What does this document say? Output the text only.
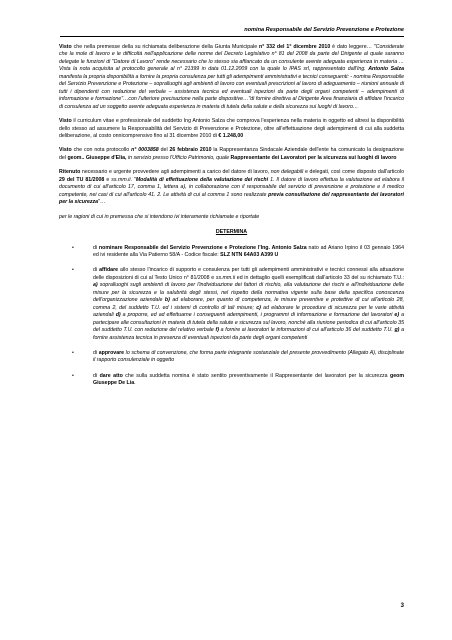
nomina Responsabile del Servizio Prevenzione e Protezione

Visto che nella premesse della su richiamata deliberazione della Giunta Municipale n° 332 del 1° dicembre 2010 è dato leggere… "Considerate che la mole di lavoro e le difficoltà nell'applicazione delle norme del Decreto Legislativo n° 81 del 2008 da parte del Dirigente al quale saranno delegate le funzioni di "Datore di Lavoro" rende necessario che lo stesso sia affiancato da un consulente avente adeguata esperienza in materia … Vista la nota acquisita al protocollo generale al n° 21399 in data 01.12.2009 con la quale lo IPAS srl, rappresentato dall'Ing. Antonio Salza manifesta la propria disponibilità a fornire la propria consulenza per tutti gli adempimenti amministrativi e tecnici conseguenti: - nomina Responsabile del Servizio Prevenzione e Protezione – sopralluoghi agli ambienti di lavoro con eventuali prescrizioni al lavoro di adeguamento – riunioni annuale di tutti i dipendenti con redazione del verbale – assistenza tecnica ed eventuali ispezioni da parte degli organi competenti – adempimenti di informazione e formazione"…con l'ulteriore precisazione nella parte dispositive…"di fornire direttiva al Dirigente Area finanziaria di affidare l'incarico di consulenza ad un soggetto avente adeguata esperienza in materia di tutela della salute e della sicurezza sui luoghi di lavoro…

Visto il curriculum vitae e professionale del suddetto Ing Antonio Salza che comprova l'esperienza nella materia in oggetto ed altresì la disponibilità dello stesso ad assumere la Responsabilità del Servizio di Prevenzione e Protezione, oltre all'effettuazione degli adempimenti di cui alla suddetta deliberazione, al costo onnicomprensivo fino al 31 dicembre 2010 di € 1.248,00

Visto che con nota protocollo n° 0003858 del 26 febbraio 2010 la Rappresentanza Sindacale Aziendale dell'ente ha comunicato la designazione del geom.. Giuseppe d'Elia, in servizio presso l'Ufficio Patrimonio, quale Rappresentante dei Lavoratori per la sicurezza sui luoghi di lavoro

Ritenuto necessario e urgente provvedere agli adempimenti a carico del datore di lavoro, non delegabili e delegati, così come disposto dall'articolo 29 del TU 81/2008 e ss.mm.ii. "Modalità di effettuazione della valutazione dei rischi 1. Il datore di lavoro effettua la valutazione ed elabora il documento di cui all'articolo 17, comma 1, lettera a), in collaborazione con il responsabile del servizio di prevenzione e protezione e il medico competente, nei casi di cui all'articolo 41. 2. Le attività di cui al comma 1 sono realizzate previa consultazione del rappresentante dei lavoratori per la sicurezza"…

per le ragioni di cui in premessa che si intendono ivi interamente richiamate e riportate

DETERMINA
•	di nominare Responsabile del Servizio Prevenzione e Protezione l'Ing. Antonio Salza nato ad Ariano Irpino il 03 gennaio 1964 ed ivi residente alla Via Patierno 58/A - Codice fiscale: SLZ NTN 64A03 A399 U
•	di affidare allo stesso l'incarico di supporto e consulenza per tutti gli adempimenti amministrativi e tecnici connessi alla attuazione delle disposizioni di cui al Testo Unico n° 81/2008 e ss.mm.ii ed in dettaglio quelli esemplificati dall'articolo 33 del su richiamato T.U.: a) sopralluoghi sugli ambienti di lavoro per l'individuazione dei fattori di rischio, alla valutazione dei rischi e all'individuazione delle misure per la sicurezza e la salubrità degli stessi, nel rispetto della normativa vigente sulla base della specifica conoscenza dell'organizzazione aziendale b) ad elaborare, per quanto di competenza, le misure preventive e protettive di cui all'articolo 28, comma 2, del suddetto T.U. ed i sistemi di controllo di tali misure; c) ad elaborare le procedure di sicurezza per le varie attività aziendali d) a proporre, ed ad effettuarne i conseguenti adempimenti, i programmi di informazione e formazione dei lavoratori e) a partecipare alle consultazioni in materia di tutela della salute e sicurezza sul lavoro, nonché alla riunione periodica di cui all'articolo 35 del suddetto T.U. con redazione del relativo verbale f) a fornire ai lavoratori le informazioni di cui all'articolo 36 del suddetto T.U. g) a fornire assistenza tecnica in presenza di eventuali ispezioni da parte degli organi competenti
•	di approvare lo schema di convenzione, che forma parte integrante sostanziale del presente provvedimento (Allegato A), disciplinate il rapporto consulenziale in oggetto
•	di dare atto che sulla suddetta nomina è stato sentito preventivamente il Rappresentante dei lavoratori per la sicurezza geom Giuseppe De Lia.
3
